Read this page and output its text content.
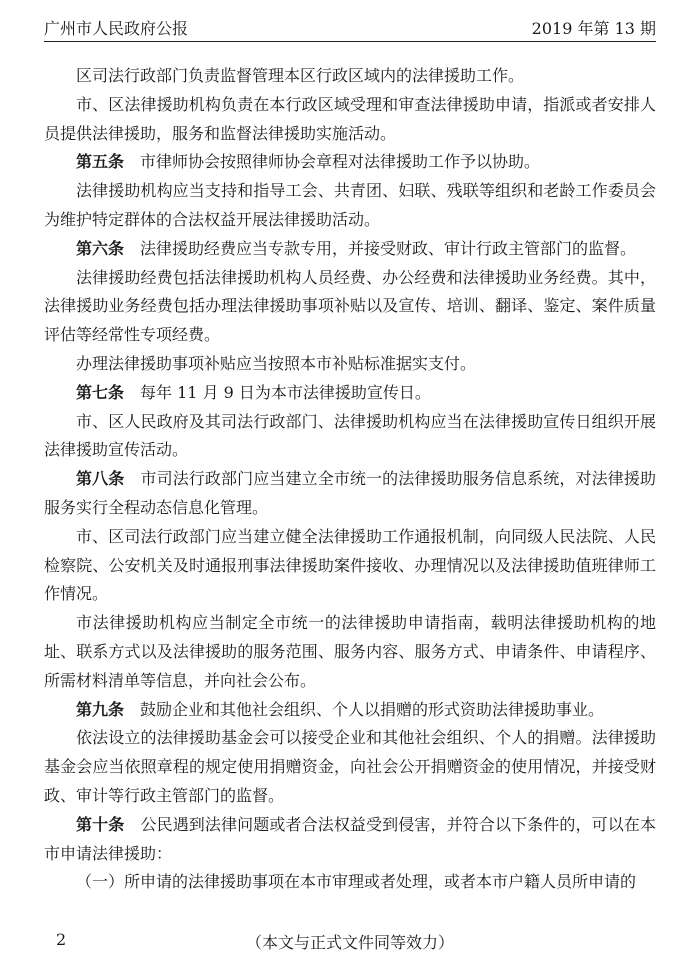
广州市人民政府公报	2019 年第 13 期

区司法行政部门负责监督管理本区行政区域内的法律援助工作。

市、区法律援助机构负责在本行政区域受理和审查法律援助申请，指派或者安排人员提供法律援助，服务和监督法律援助实施活动。

第五条　 市律师协会按照律师协会章程对法律援助工作予以协助。

法律援助机构应当支持和指导工会、共青团、妇联、残联等组织和老龄工作委员会为维护特定群体的合法权益开展法律援助活动。

第六条　 法律援助经费应当专款专用，并接受财政、审计行政主管部门的监督。

法律援助经费包括法律援助机构人员经费、办公经费和法律援助业务经费。其中，法律援助业务经费包括办理法律援助事项补贴以及宣传、培训、翻译、鉴定、案件质量评估等经常性专项经费。

办理法律援助事项补贴应当按照本市补贴标准据实支付。

第七条　 每年 11 月 9 日为本市法律援助宣传日。

市、区人民政府及其司法行政部门、法律援助机构应当在法律援助宣传日组织开展法律援助宣传活动。

第八条　 市司法行政部门应当建立全市统一的法律援助服务信息系统，对法律援助服务实行全程动态信息化管理。

市、区司法行政部门应当建立健全法律援助工作通报机制，向同级人民法院、人民检察院、公安机关及时通报刑事法律援助案件接收、办理情况以及法律援助值班律师工作情况。

市法律援助机构应当制定全市统一的法律援助申请指南，载明法律援助机构的地址、联系方式以及法律援助的服务范围、服务内容、服务方式、申请条件、申请程序、所需材料清单等信息，并向社会公布。

第九条　 鼓励企业和其他社会组织、个人以捐赠的形式资助法律援助事业。

依法设立的法律援助基金会可以接受企业和其他社会组织、个人的捐赠。法律援助基金会应当依照章程的规定使用捐赠资金，向社会公开捐赠资金的使用情况，并接受财政、审计等行政主管部门的监督。

第十条　 公民遇到法律问题或者合法权益受到侵害，并符合以下条件的，可以在本市申请法律援助：

（一）所申请的法律援助事项在本市审理或者处理，或者本市户籍人员所申请的

2	（本文与正式文件同等效力）
